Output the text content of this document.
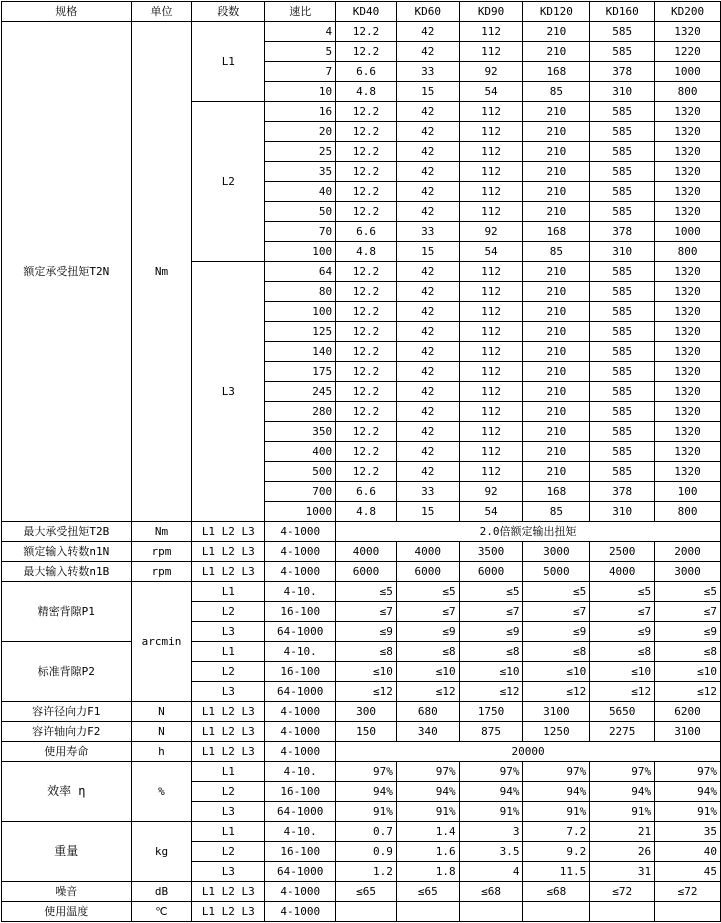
规格	单位	段数	速比	KD40	KD60	KD90	KD120	KD160	KD200
额定承受扭矩T2N	Nm	L1	4	12.2	42	112	210	585	1320
			5	12.2	42	112	210	585	1220
			7	6.6	33	92	168	378	1000
			10	4.8	15	54	85	310	800
		L2	16	12.2	42	112	210	585	1320
			20	12.2	42	112	210	585	1320
			25	12.2	42	112	210	585	1320
			35	12.2	42	112	210	585	1320
			40	12.2	42	112	210	585	1320
			50	12.2	42	112	210	585	1320
			70	6.6	33	92	168	378	1000
			100	4.8	15	54	85	310	800
		L3	64	12.2	42	112	210	585	1320
			80	12.2	42	112	210	585	1320
			100	12.2	42	112	210	585	1320
			125	12.2	42	112	210	585	1320
			140	12.2	42	112	210	585	1320
			175	12.2	42	112	210	585	1320
			245	12.2	42	112	210	585	1320
			280	12.2	42	112	210	585	1320
			350	12.2	42	112	210	585	1320
			400	12.2	42	112	210	585	1320
			500	12.2	42	112	210	585	1320
			700	6.6	33	92	168	378	100
			1000	4.8	15	54	85	310	800
最大承受扭矩T2B	Nm	L1 L2 L3	4-1000	2.0倍额定输出扭矩					
额定输入转数n1N	rpm	L1 L2 L3	4-1000	4000	4000	3500	3000	2500	2000
最大输入转数n1B	rpm	L1 L2 L3	4-1000	6000	6000	6000	5000	4000	3000
精密背隙P1	arcmin	L1	4-10.	≤5	≤5	≤5	≤5	≤5	≤5
		L2	16-100	≤7	≤7	≤7	≤7	≤7	≤7
		L3	64-1000	≤9	≤9	≤9	≤9	≤9	≤9
标准背隙P2		L1	4-10.	≤8	≤8	≤8	≤8	≤8	≤8
		L2	16-100	≤10	≤10	≤10	≤10	≤10	≤10
		L3	64-1000	≤12	≤12	≤12	≤12	≤12	≤12
容许径向力F1	N	L1 L2 L3	4-1000	300	680	1750	3100	5650	6200
容许轴向力F2	N	L1 L2 L3	4-1000	150	340	875	1250	2275	3100
使用寿命	h	L1 L2 L3	4-1000	20000					
效率 η	%	L1	4-10.	97%	97%	97%	97%	97%	97%
		L2	16-100	94%	94%	94%	94%	94%	94%
		L3	64-1000	91%	91%	91%	91%	91%	91%
重量	kg	L1	4-10.	0.7	1.4	3	7.2	21	35
		L2	16-100	0.9	1.6	3.5	9.2	26	40
		L3	64-1000	1.2	1.8	4	11.5	31	45
噪音	dB	L1 L2 L3	4-1000	≤65	≤65	≤68	≤68	≤72	≤72
使用温度	℃	L1 L2 L3	4-1000						
